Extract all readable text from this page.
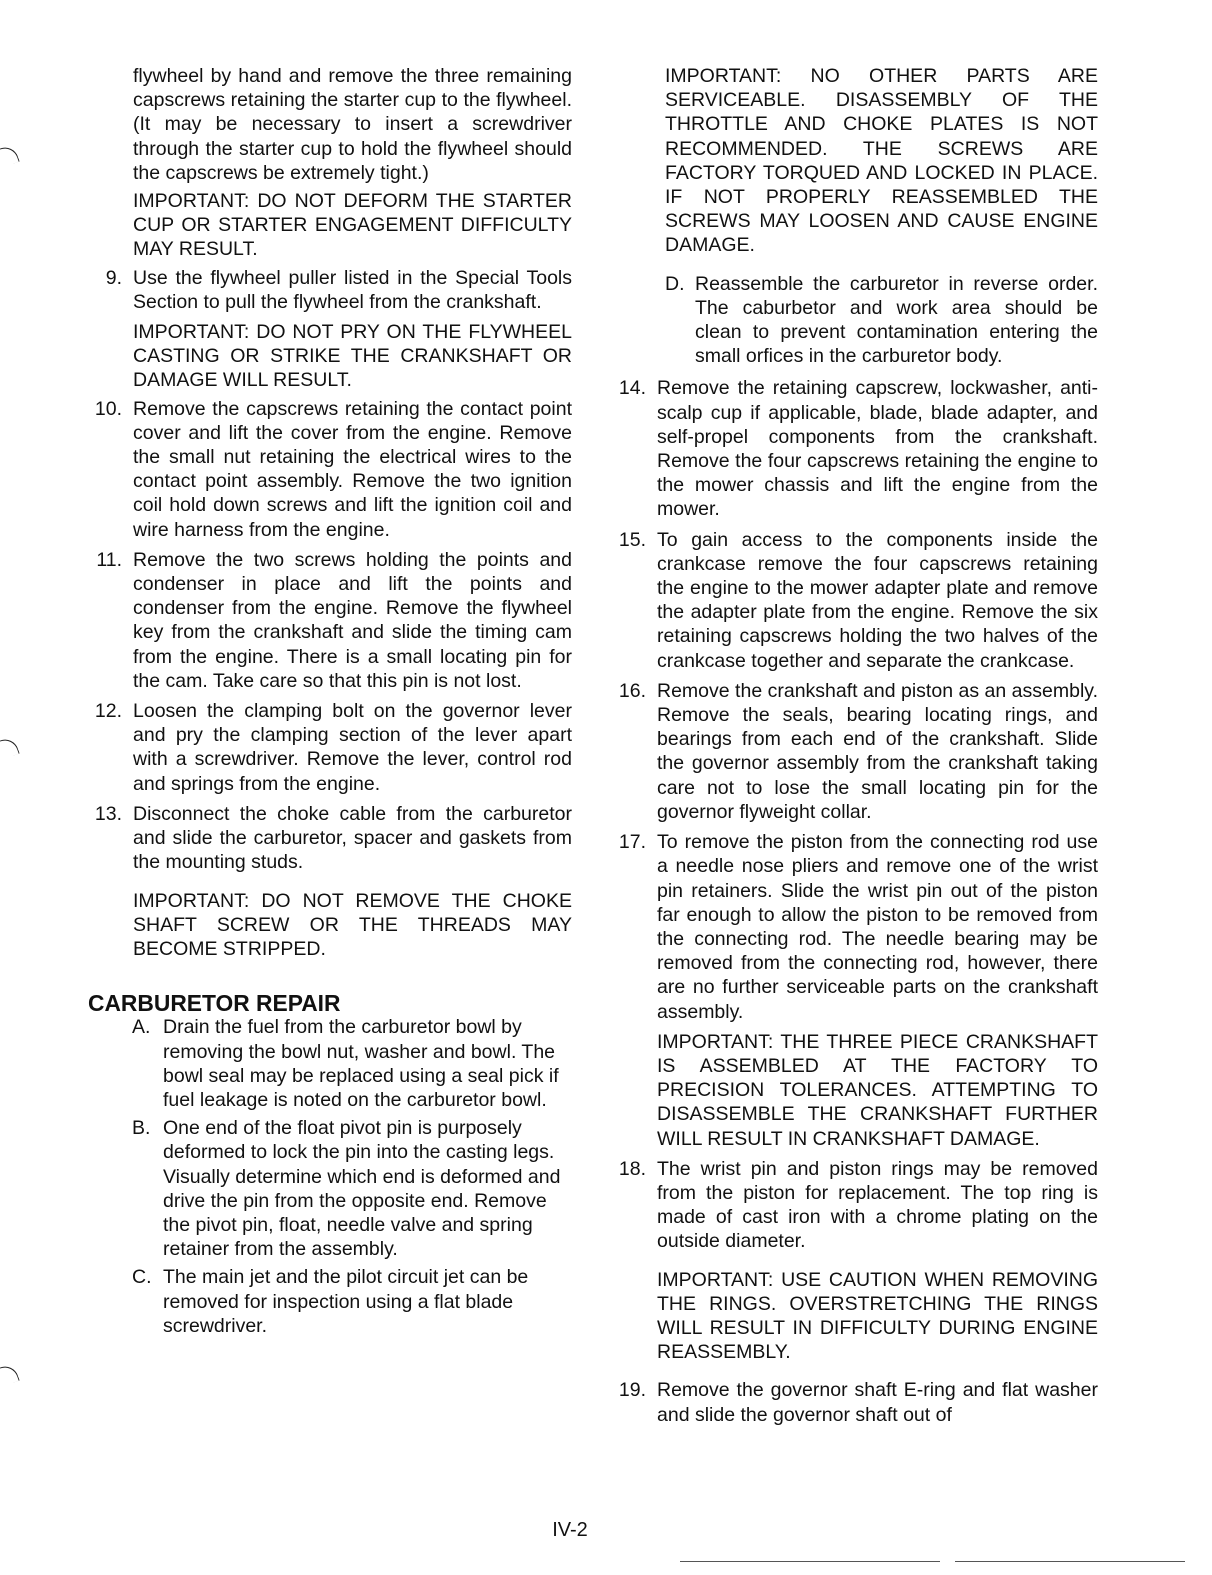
flywheel by hand and remove the three remaining capscrews retaining the starter cup to the flywheel. (It may be necessary to insert a screwdriver through the starter cup to hold the flywheel should the capscrews be extremely tight.)

IMPORTANT: DO NOT DEFORM THE STARTER CUP OR STARTER ENGAGEMENT DIFFICULTY MAY RESULT.

9. Use the flywheel puller listed in the Special Tools Section to pull the flywheel from the crankshaft.

IMPORTANT: DO NOT PRY ON THE FLYWHEEL CASTING OR STRIKE THE CRANKSHAFT OR DAMAGE WILL RESULT.

10. Remove the capscrews retaining the contact point cover and lift the cover from the engine. Remove the small nut retaining the electrical wires to the contact point assembly. Remove the two ignition coil hold down screws and lift the ignition coil and wire harness from the engine.
11. Remove the two screws holding the points and condenser in place and lift the points and condenser from the engine. Remove the flywheel key from the crankshaft and slide the timing cam from the engine. There is a small locating pin for the cam. Take care so that this pin is not lost.
12. Loosen the clamping bolt on the governor lever and pry the clamping section of the lever apart with a screwdriver. Remove the lever, control rod and springs from the engine.
13. Disconnect the choke cable from the carburetor and slide the carburetor, spacer and gaskets from the mounting studs.

IMPORTANT: DO NOT REMOVE THE CHOKE SHAFT SCREW OR THE THREADS MAY BECOME STRIPPED.

CARBURETOR REPAIR
A. Drain the fuel from the carburetor bowl by removing the bowl nut, washer and bowl. The bowl seal may be replaced using a seal pick if fuel leakage is noted on the carburetor bowl.
B. One end of the float pivot pin is purposely deformed to lock the pin into the casting legs. Visually determine which end is deformed and drive the pin from the opposite end. Remove the pivot pin, float, needle valve and spring retainer from the assembly.
C. The main jet and the pilot circuit jet can be removed for inspection using a flat blade screwdriver.

IMPORTANT: NO OTHER PARTS ARE SERVICEABLE. DISASSEMBLY OF THE THROTTLE AND CHOKE PLATES IS NOT RECOMMENDED. THE SCREWS ARE FACTORY TORQUED AND LOCKED IN PLACE. IF NOT PROPERLY REASSEMBLED THE SCREWS MAY LOOSEN AND CAUSE ENGINE DAMAGE.

D. Reassemble the carburetor in reverse order. The caburbetor and work area should be clean to prevent contamination entering the small orfices in the carburetor body.
14. Remove the retaining capscrew, lockwasher, anti-scalp cup if applicable, blade, blade adapter, and self-propel components from the crankshaft. Remove the four capscrews retaining the engine to the mower chassis and lift the engine from the mower.
15. To gain access to the components inside the crankcase remove the four capscrews retaining the engine to the mower adapter plate and remove the adapter plate from the engine. Remove the six retaining capscrews holding the two halves of the crankcase together and separate the crankcase.
16. Remove the crankshaft and piston as an assembly. Remove the seals, bearing locating rings, and bearings from each end of the crankshaft. Slide the governor assembly from the crankshaft taking care not to lose the small locating pin for the governor flyweight collar.
17. To remove the piston from the connecting rod use a needle nose pliers and remove one of the wrist pin retainers. Slide the wrist pin out of the piston far enough to allow the piston to be removed from the connecting rod. The needle bearing may be removed from the connecting rod, however, there are no further serviceable parts on the crankshaft assembly.

IMPORTANT: THE THREE PIECE CRANKSHAFT IS ASSEMBLED AT THE FACTORY TO PRECISION TOLERANCES. ATTEMPTING TO DISASSEMBLE THE CRANKSHAFT FURTHER WILL RESULT IN CRANKSHAFT DAMAGE.

18. The wrist pin and piston rings may be removed from the piston for replacement. The top ring is made of cast iron with a chrome plating on the outside diameter.

IMPORTANT: USE CAUTION WHEN REMOVING THE RINGS. OVERSTRETCHING THE RINGS WILL RESULT IN DIFFICULTY DURING ENGINE REASSEMBLY.

19. Remove the governor shaft E-ring and flat washer and slide the governor shaft out of
IV-2
